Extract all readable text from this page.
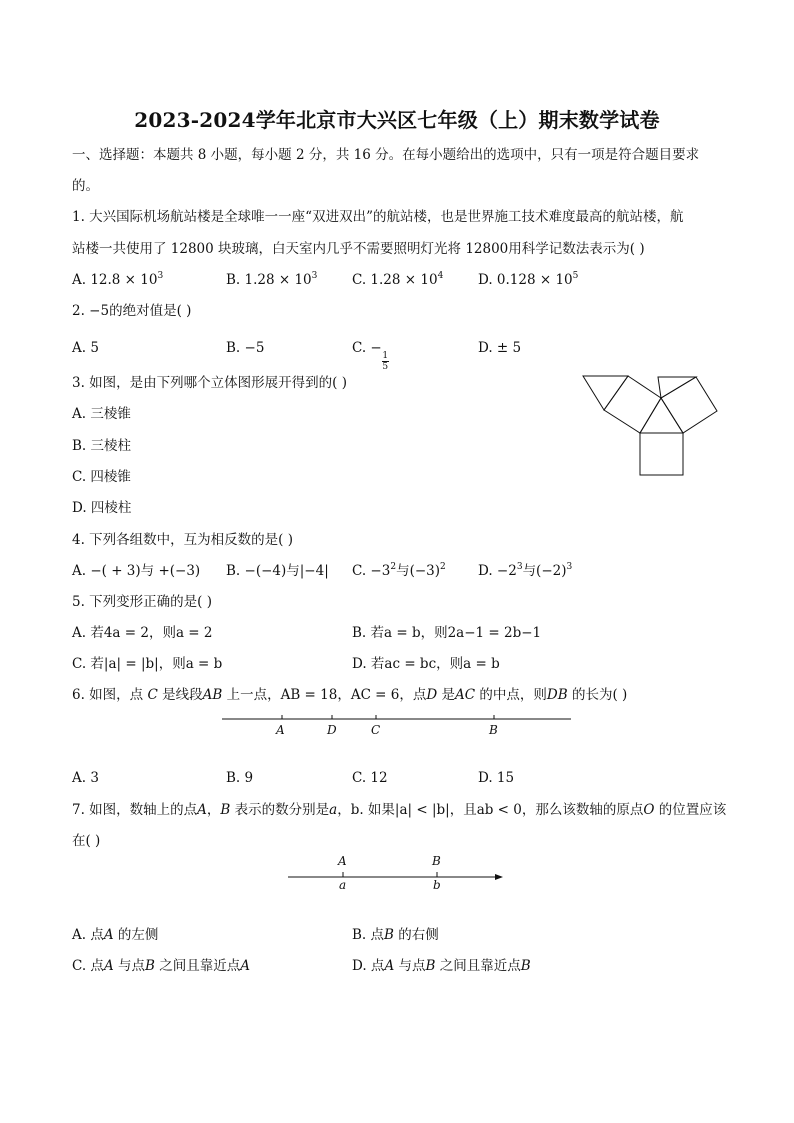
2023-2024学年北京市大兴区七年级（上）期末数学试卷
一、选择题：本题共 8 小题，每小题 2 分，共 16 分。在每小题给出的选项中，只有一项是符合题目要求
的。
1. 大兴国际机场航站楼是全球唯一一座“双进双出”的航站楼，也是世界施工技术难度最高的航站楼，航
站楼一共使用了 12800 块玻璃，白天室内几乎不需要照明灯光将 12800用科学记数法表示为( )
A. $12.8 \times 10^3$	B. $1.28 \times 10^3$	C. $1.28 \times 10^4$	D. $0.128 \times 10^5$
2. −5的绝对值是( )
A. 5	B. −5	C. −
$\frac{1}{5}$
D. ± 5
3. 如图，是由下列哪个立体图形展开得到的( )
A. 三棱锥
B. 三棱柱
C. 四棱锥
D. 四棱柱
4. 下列各组数中，互为相反数的是( )
A. −( + 3)与 +(−3) B. −(−4)与|−4| C. $-3^2$与$(-3)^2$ D. $-2^3$与$(-2)^3$
5. 下列变形正确的是( )
A. 若4a = 2，则a = 2	B. 若a = b，则2a−1 = 2b−1
C. 若|a| = |b|，则a = b	D. 若ac = bc，则a = b
6. 如图，点 C 是线段AB 上一点，AB = 18，AC = 6，点D 是AC 的中点，则DB 的长为( )
A	D	C	B
A. 3	B. 9	C. 12	D. 15
7. 如图，数轴上的点A，B 表示的数分别是a，b. 如果|a| < |b|，且ab < 0，那么该数轴的原点O 的位置应该
在( )
A	B
a	b
A. 点A 的左侧	B. 点B 的右侧
C. 点A 与点B 之间且靠近点A	D. 点A 与点B 之间且靠近点B
